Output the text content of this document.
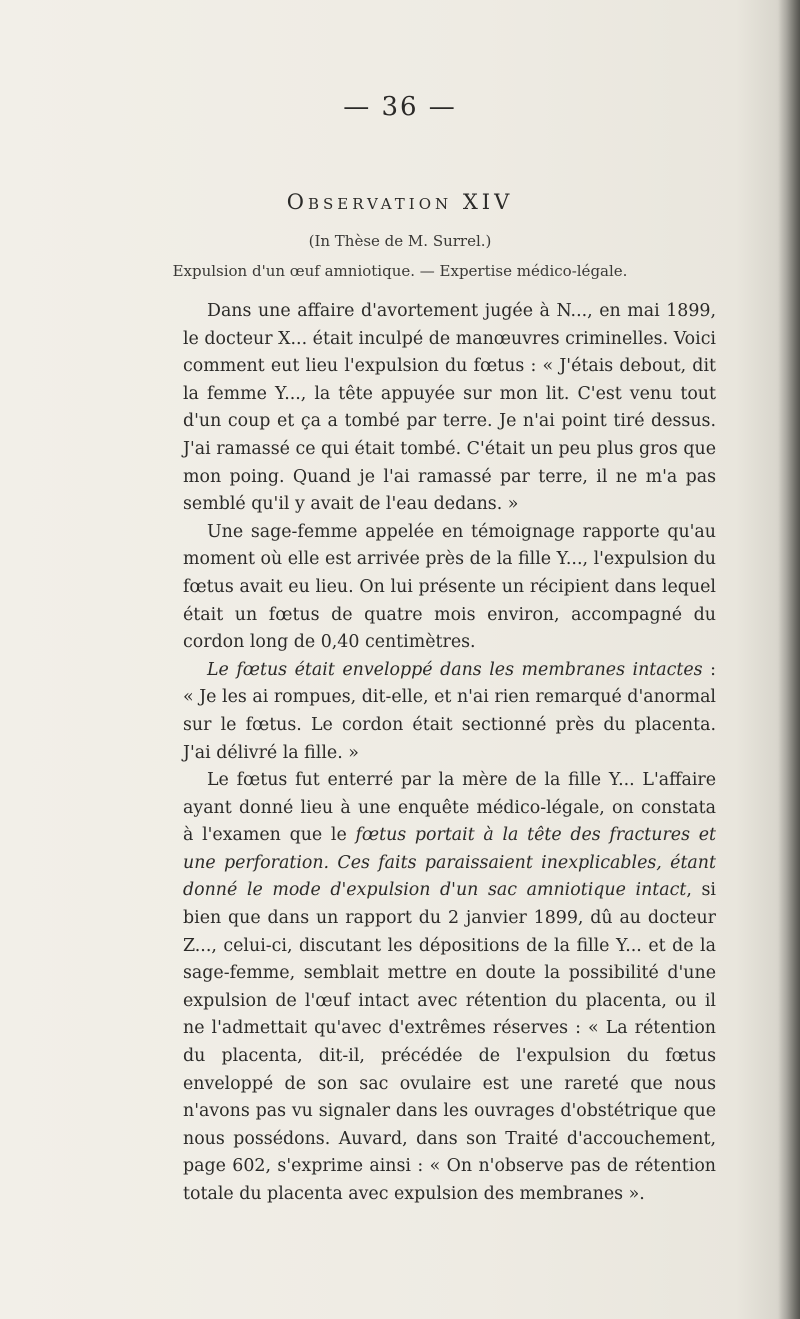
— 36 —
Observation XIV
(In Thèse de M. Surrel.)
Expulsion d'un œuf amniotique. — Expertise médico-légale.

Dans une affaire d'avortement jugée à N..., en mai 1899, le docteur X... était inculpé de manœuvres criminelles. Voici comment eut lieu l'expulsion du fœtus : « J'étais debout, dit la femme Y..., la tête appuyée sur mon lit. C'est venu tout d'un coup et ça a tombé par terre. Je n'ai point tiré dessus. J'ai ramassé ce qui était tombé. C'était un peu plus gros que mon poing. Quand je l'ai ramassé par terre, il ne m'a pas semblé qu'il y avait de l'eau dedans. »

Une sage-femme appelée en témoignage rapporte qu'au moment où elle est arrivée près de la fille Y..., l'expulsion du fœtus avait eu lieu. On lui présente un récipient dans lequel était un fœtus de quatre mois environ, accompagné du cordon long de 0,40 centimètres.

Le fœtus était enveloppé dans les membranes intactes : « Je les ai rompues, dit-elle, et n'ai rien remarqué d'anormal sur le fœtus. Le cordon était sectionné près du placenta. J'ai délivré la fille. »

Le fœtus fut enterré par la mère de la fille Y... L'affaire ayant donné lieu à une enquête médico-légale, on constata à l'examen que le fœtus portait à la tête des fractures et une perforation. Ces faits paraissaient inexplicables, étant donné le mode d'expulsion d'un sac amniotique intact, si bien que dans un rapport du 2 janvier 1899, dû au docteur Z..., celui-ci, discutant les dépositions de la fille Y... et de la sage-femme, semblait mettre en doute la possibilité d'une expulsion de l'œuf intact avec rétention du placenta, ou il ne l'admettait qu'avec d'extrêmes réserves : « La rétention du placenta, dit-il, précédée de l'expulsion du fœtus enveloppé de son sac ovulaire est une rareté que nous n'avons pas vu signaler dans les ouvrages d'obstétrique que nous possédons. Auvard, dans son Traité d'accouchement, page 602, s'exprime ainsi : « On n'observe pas de rétention totale du placenta avec expulsion des membranes ».
